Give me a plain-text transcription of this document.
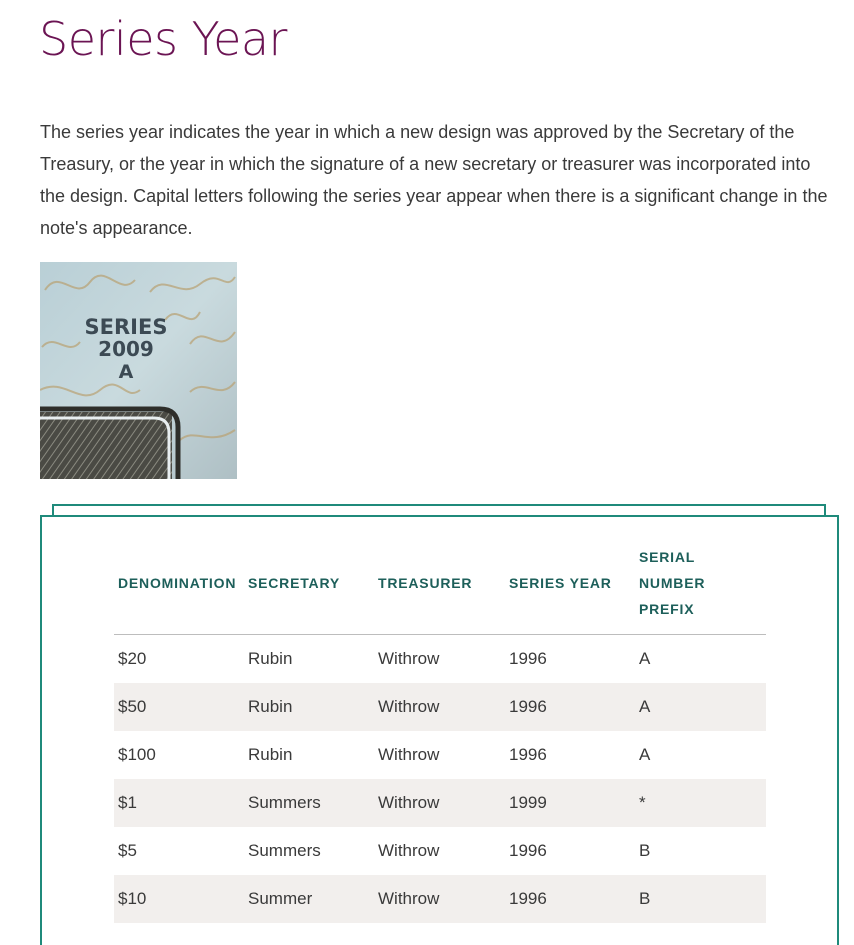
Series Year

The series year indicates the year in which a new design was approved by the Secretary of the Treasury, or the year in which the signature of a new secretary or treasurer was incorporated into the design. Capital letters following the series year appear when there is a significant change in the note's appearance.

SERIES
2009
A
DENOMINATION	SECRETARY	TREASURER	SERIES YEAR	SERIAL NUMBER PREFIX
$20	Rubin	Withrow	1996	A
$50	Rubin	Withrow	1996	A
$100	Rubin	Withrow	1996	A
$1	Summers	Withrow	1999	*
$5	Summers	Withrow	1996	B
$10	Summer	Withrow	1996	B
